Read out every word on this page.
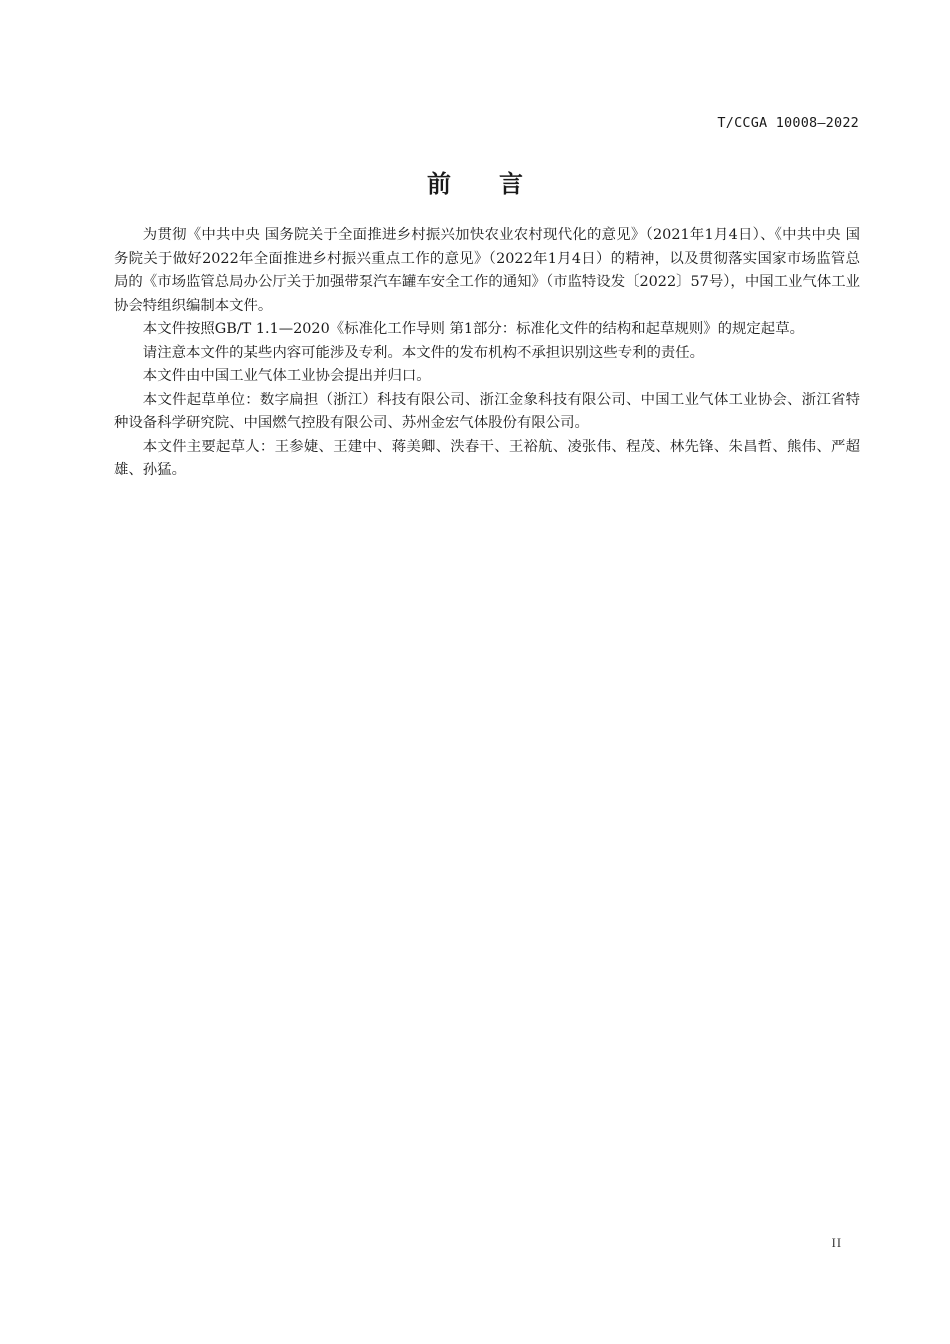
T/CCGA 10008—2022
前言

为贯彻《中共中央 国务院关于全面推进乡村振兴加快农业农村现代化的意见》（2021年1月4日）、《中共中央 国务院关于做好2022年全面推进乡村振兴重点工作的意见》（2022年1月4日）的精神，以及贯彻落实国家市场监管总局的《市场监管总局办公厅关于加强带泵汽车罐车安全工作的通知》（市监特设发〔2022〕57号），中国工业气体工业协会特组织编制本文件。

本文件按照GB/T 1.1—2020《标准化工作导则 第1部分：标准化文件的结构和起草规则》的规定起草。

请注意本文件的某些内容可能涉及专利。本文件的发布机构不承担识别这些专利的责任。

本文件由中国工业气体工业协会提出并归口。

本文件起草单位：数字扁担（浙江）科技有限公司、浙江金象科技有限公司、中国工业气体工业协会、浙江省特种设备科学研究院、中国燃气控股有限公司、苏州金宏气体股份有限公司。

本文件主要起草人：王参婕、王建中、蒋美卿、泆春干、王裕航、凌张伟、程茂、林先锋、朱昌哲、熊伟、严超雄、孙猛。

II
